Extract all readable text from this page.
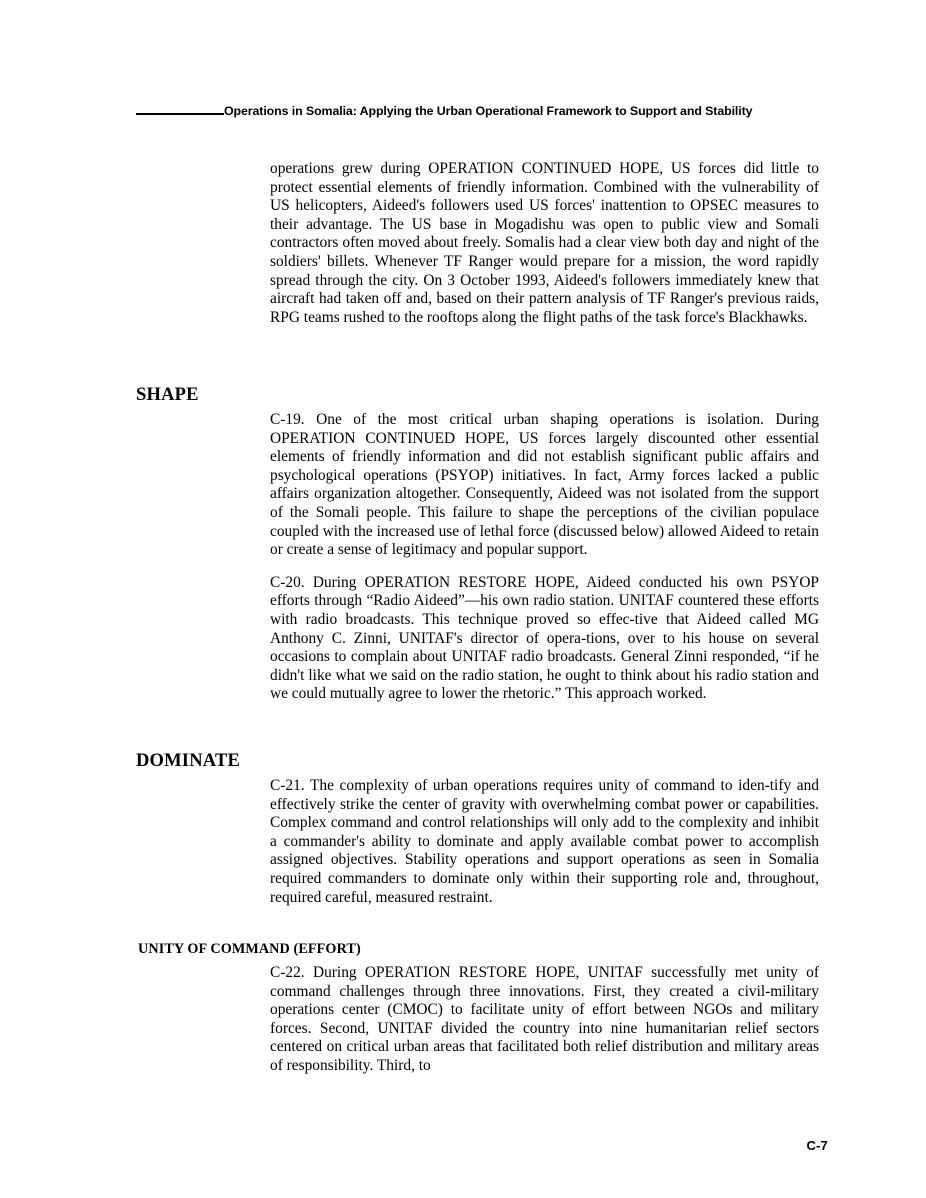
Operations in Somalia: Applying the Urban Operational Framework to Support and Stability

operations grew during OPERATION CONTINUED HOPE, US forces did little to protect essential elements of friendly information. Combined with the vulnerability of US helicopters, Aideed's followers used US forces' inattention to OPSEC measures to their advantage. The US base in Mogadishu was open to public view and Somali contractors often moved about freely. Somalis had a clear view both day and night of the soldiers' billets. Whenever TF Ranger would prepare for a mission, the word rapidly spread through the city. On 3 October 1993, Aideed's followers immediately knew that aircraft had taken off and, based on their pattern analysis of TF Ranger's previous raids, RPG teams rushed to the rooftops along the flight paths of the task force's Blackhawks.

SHAPE

C-19. One of the most critical urban shaping operations is isolation. During OPERATION CONTINUED HOPE, US forces largely discounted other essential elements of friendly information and did not establish significant public affairs and psychological operations (PSYOP) initiatives. In fact, Army forces lacked a public affairs organization altogether. Consequently, Aideed was not isolated from the support of the Somali people. This failure to shape the perceptions of the civilian populace coupled with the increased use of lethal force (discussed below) allowed Aideed to retain or create a sense of legitimacy and popular support.

C-20. During OPERATION RESTORE HOPE, Aideed conducted his own PSYOP efforts through “Radio Aideed”—his own radio station. UNITAF countered these efforts with radio broadcasts. This technique proved so effec-tive that Aideed called MG Anthony C. Zinni, UNITAF's director of opera-tions, over to his house on several occasions to complain about UNITAF radio broadcasts. General Zinni responded, “if he didn't like what we said on the radio station, he ought to think about his radio station and we could mutually agree to lower the rhetoric.” This approach worked.

DOMINATE

C-21. The complexity of urban operations requires unity of command to iden-tify and effectively strike the center of gravity with overwhelming combat power or capabilities. Complex command and control relationships will only add to the complexity and inhibit a commander's ability to dominate and apply available combat power to accomplish assigned objectives. Stability operations and support operations as seen in Somalia required commanders to dominate only within their supporting role and, throughout, required careful, measured restraint.

UNITY OF COMMAND (EFFORT)

C-22. During OPERATION RESTORE HOPE, UNITAF successfully met unity of command challenges through three innovations. First, they created a civil-military operations center (CMOC) to facilitate unity of effort between NGOs and military forces. Second, UNITAF divided the country into nine humanitarian relief sectors centered on critical urban areas that facilitated both relief distribution and military areas of responsibility. Third, to

C-7
